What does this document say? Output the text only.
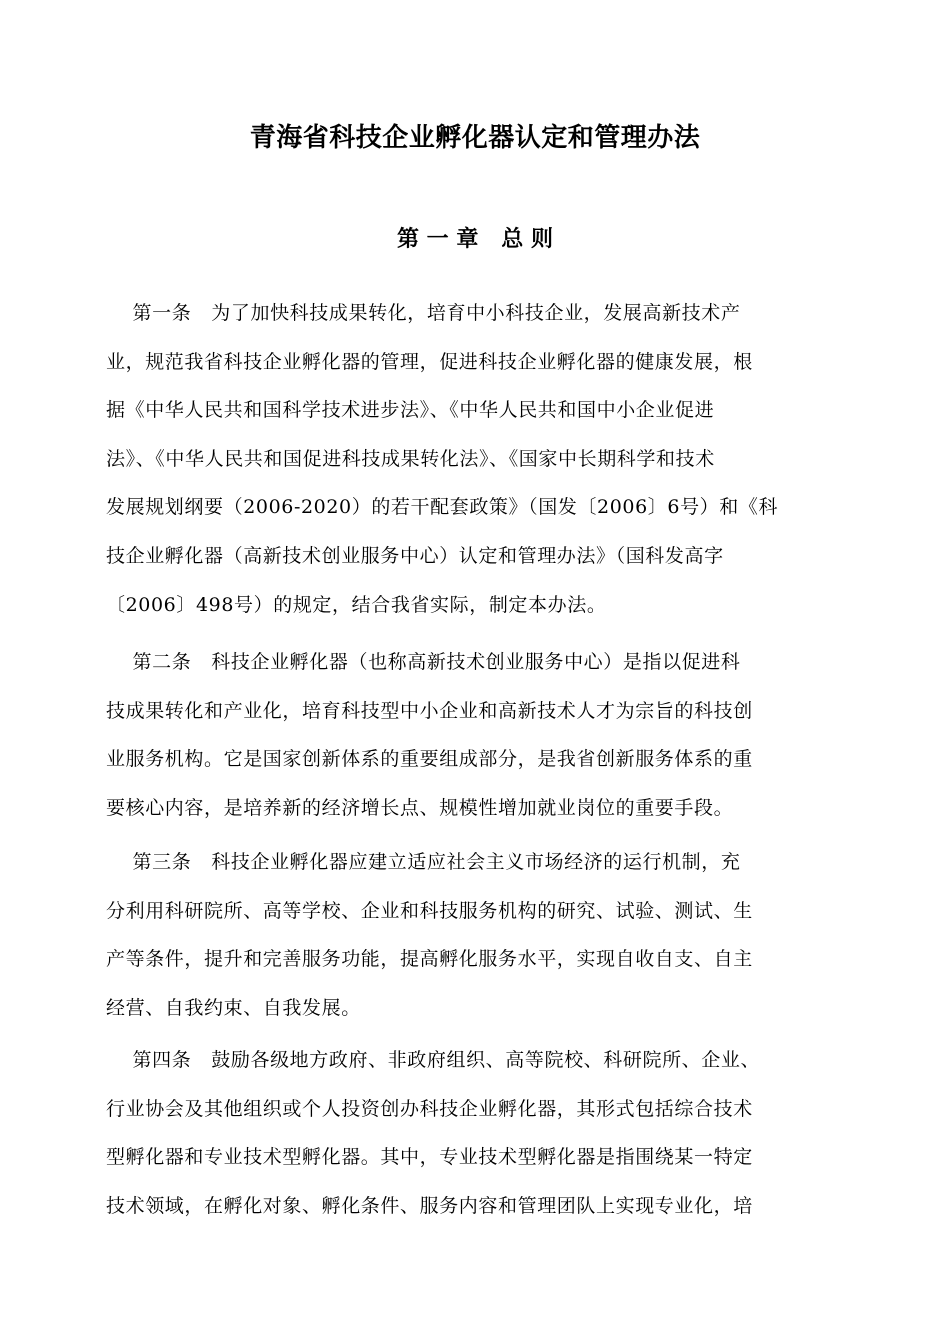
青海省科技企业孵化器认定和管理办法
第 一 章   总 则
第一条   为了加快科技成果转化，培育中小科技企业，发展高新技术产
业，规范我省科技企业孵化器的管理，促进科技企业孵化器的健康发展，根
据《中华人民共和国科学技术进步法》、《中华人民共和国中小企业促进
法》、《中华人民共和国促进科技成果转化法》、《国家中长期科学和技术
发展规划纲要（2006-2020）的若干配套政策》（国发〔2006〕6号）和《科
技企业孵化器（高新技术创业服务中心）认定和管理办法》（国科发高字
〔2006〕498号）的规定，结合我省实际，制定本办法。
第二条   科技企业孵化器（也称高新技术创业服务中心）是指以促进科
技成果转化和产业化，培育科技型中小企业和高新技术人才为宗旨的科技创
业服务机构。它是国家创新体系的重要组成部分，是我省创新服务体系的重
要核心内容，是培养新的经济增长点、规模性增加就业岗位的重要手段。
第三条   科技企业孵化器应建立适应社会主义市场经济的运行机制，充
分利用科研院所、高等学校、企业和科技服务机构的研究、试验、测试、生
产等条件，提升和完善服务功能，提高孵化服务水平，实现自收自支、自主
经营、自我约束、自我发展。
第四条   鼓励各级地方政府、非政府组织、高等院校、科研院所、企业、
行业协会及其他组织或个人投资创办科技企业孵化器，其形式包括综合技术
型孵化器和专业技术型孵化器。其中，专业技术型孵化器是指围绕某一特定
技术领域，在孵化对象、孵化条件、服务内容和管理团队上实现专业化，培
